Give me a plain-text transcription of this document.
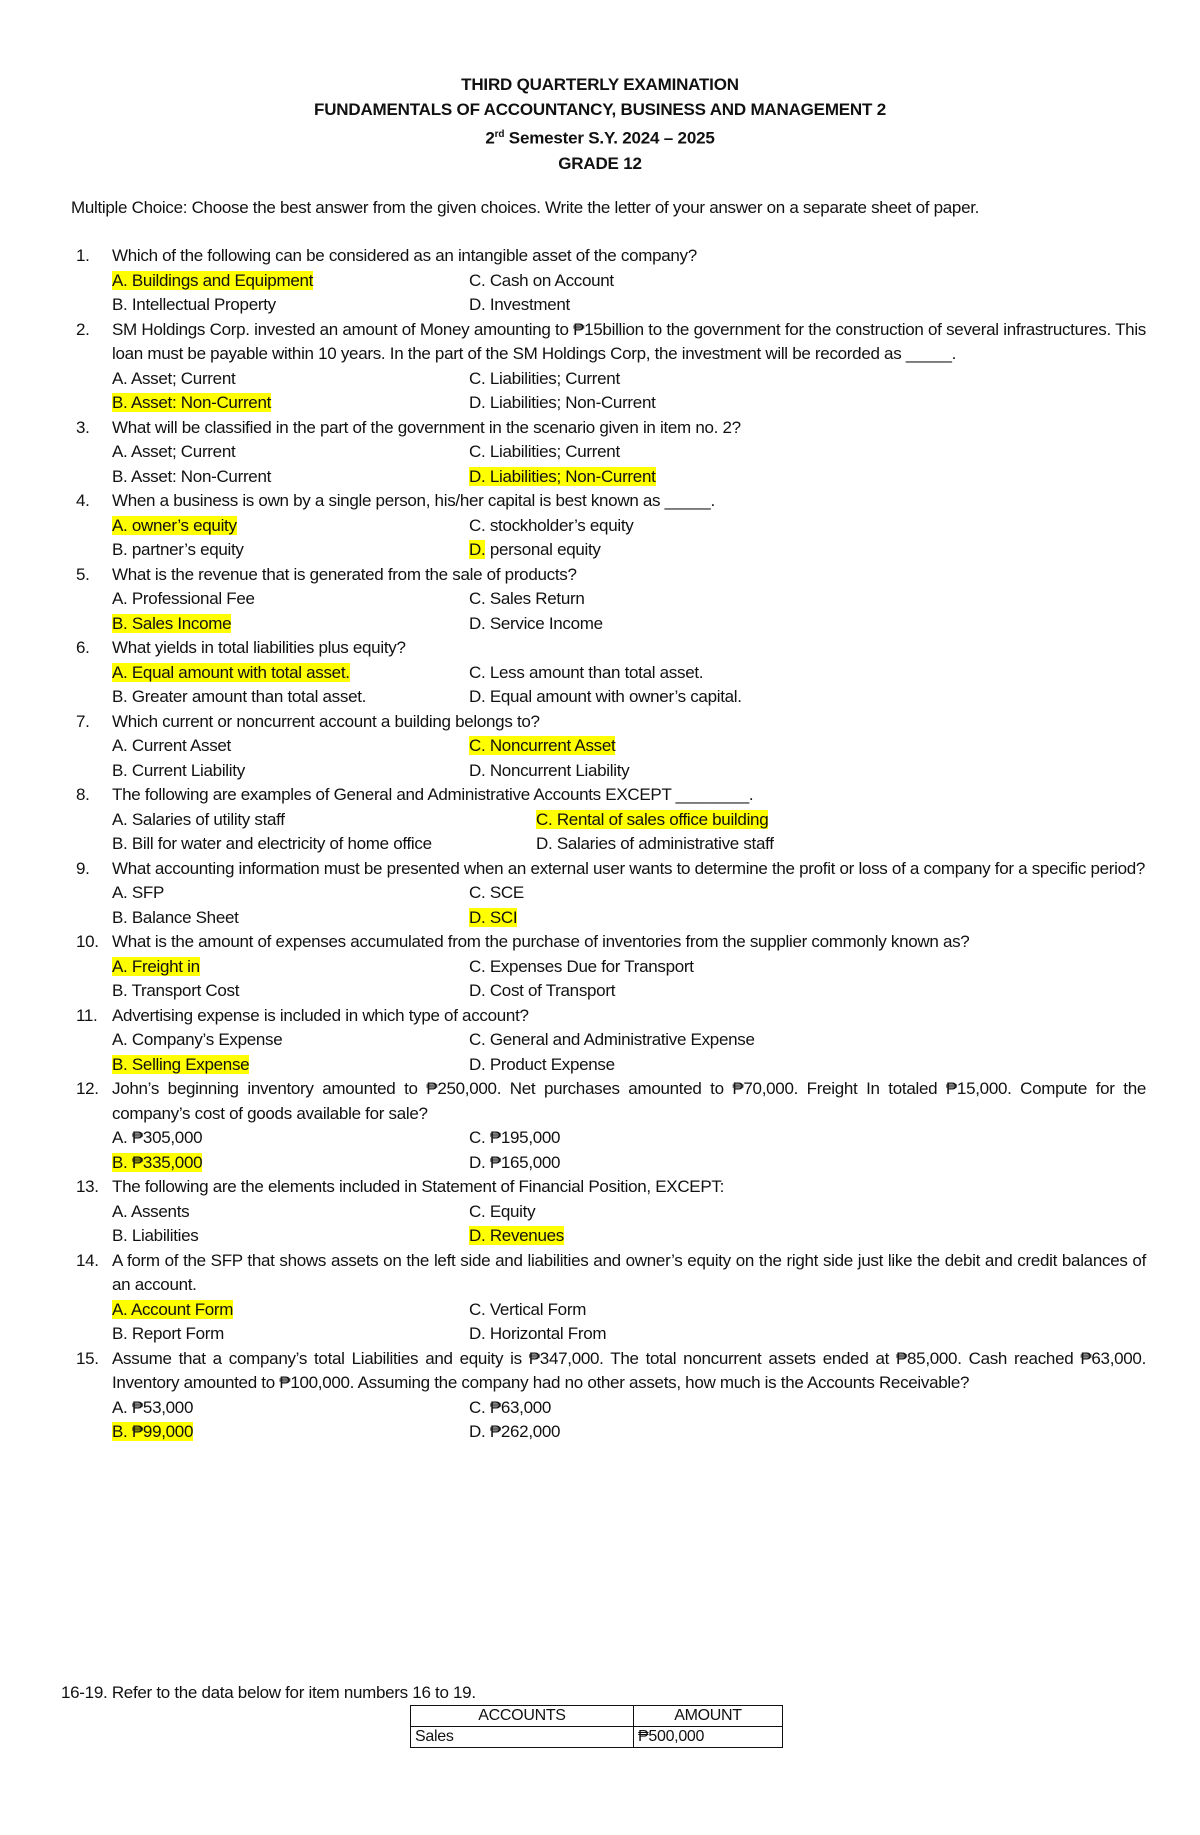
THIRD QUARTERLY EXAMINATION
FUNDAMENTALS OF ACCOUNTANCY, BUSINESS AND MANAGEMENT 2
2rd Semester S.Y. 2024 – 2025
GRADE 12
Multiple Choice: Choose the best answer from the given choices. Write the letter of your answer on a separate sheet of paper.
1. Which of the following can be considered as an intangible asset of the company?
A. Buildings and Equipment	C. Cash on Account
B. Intellectual Property	D. Investment
2. SM Holdings Corp. invested an amount of Money amounting to ₱15billion to the government for the construction of several infrastructures. This loan must be payable within 10 years. In the part of the SM Holdings Corp, the investment will be recorded as _____.
A. Asset; Current	C. Liabilities; Current
B. Asset: Non-Current	D. Liabilities; Non-Current
3. What will be classified in the part of the government in the scenario given in item no. 2?
A. Asset; Current	C. Liabilities; Current
B. Asset: Non-Current	D. Liabilities; Non-Current
4. When a business is own by a single person, his/her capital is best known as _____.
A. owner’s equity	C. stockholder’s equity
B. partner’s equity	D. personal equity
5. What is the revenue that is generated from the sale of products?
A. Professional Fee	C. Sales Return
B. Sales Income	D. Service Income
6. What yields in total liabilities plus equity?
A. Equal amount with total asset.	C. Less amount than total asset.
B. Greater amount than total asset.	D. Equal amount with owner’s capital.
7. Which current or noncurrent account a building belongs to?
A. Current Asset	C. Noncurrent Asset
B. Current Liability	D. Noncurrent Liability
8. The following are examples of General and Administrative Accounts EXCEPT ________.
A. Salaries of utility staff	C. Rental of sales office building
B. Bill for water and electricity of home office	D. Salaries of administrative staff
9. What accounting information must be presented when an external user wants to determine the profit or loss of a company for a specific period?
A. SFP	C. SCE
B. Balance Sheet	D. SCI
10. What is the amount of expenses accumulated from the purchase of inventories from the supplier commonly known as?
A. Freight in	C. Expenses Due for Transport
B. Transport Cost	D. Cost of Transport
11. Advertising expense is included in which type of account?
A. Company’s Expense	C. General and Administrative Expense
B. Selling Expense	D. Product Expense
12. John’s beginning inventory amounted to ₱250,000. Net purchases amounted to ₱70,000. Freight In totaled ₱15,000. Compute for the company’s cost of goods available for sale?
A. ₱305,000	C. ₱195,000
B. ₱335,000	D. ₱165,000
13. The following are the elements included in Statement of Financial Position, EXCEPT:
A. Assents	C. Equity
B. Liabilities	D. Revenues
14. A form of the SFP that shows assets on the left side and liabilities and owner’s equity on the right side just like the debit and credit balances of an account.
A. Account Form	C. Vertical Form
B. Report Form	D. Horizontal From
15. Assume that a company’s total Liabilities and equity is ₱347,000. The total noncurrent assets ended at ₱85,000. Cash reached ₱63,000. Inventory amounted to ₱100,000. Assuming the company had no other assets, how much is the Accounts Receivable?
A. ₱53,000	C. ₱63,000
B. ₱99,000	D. ₱262,000
16-19. Refer to the data below for item numbers 16 to 19.
ACCOUNTS	AMOUNT
Sales	₱500,000
